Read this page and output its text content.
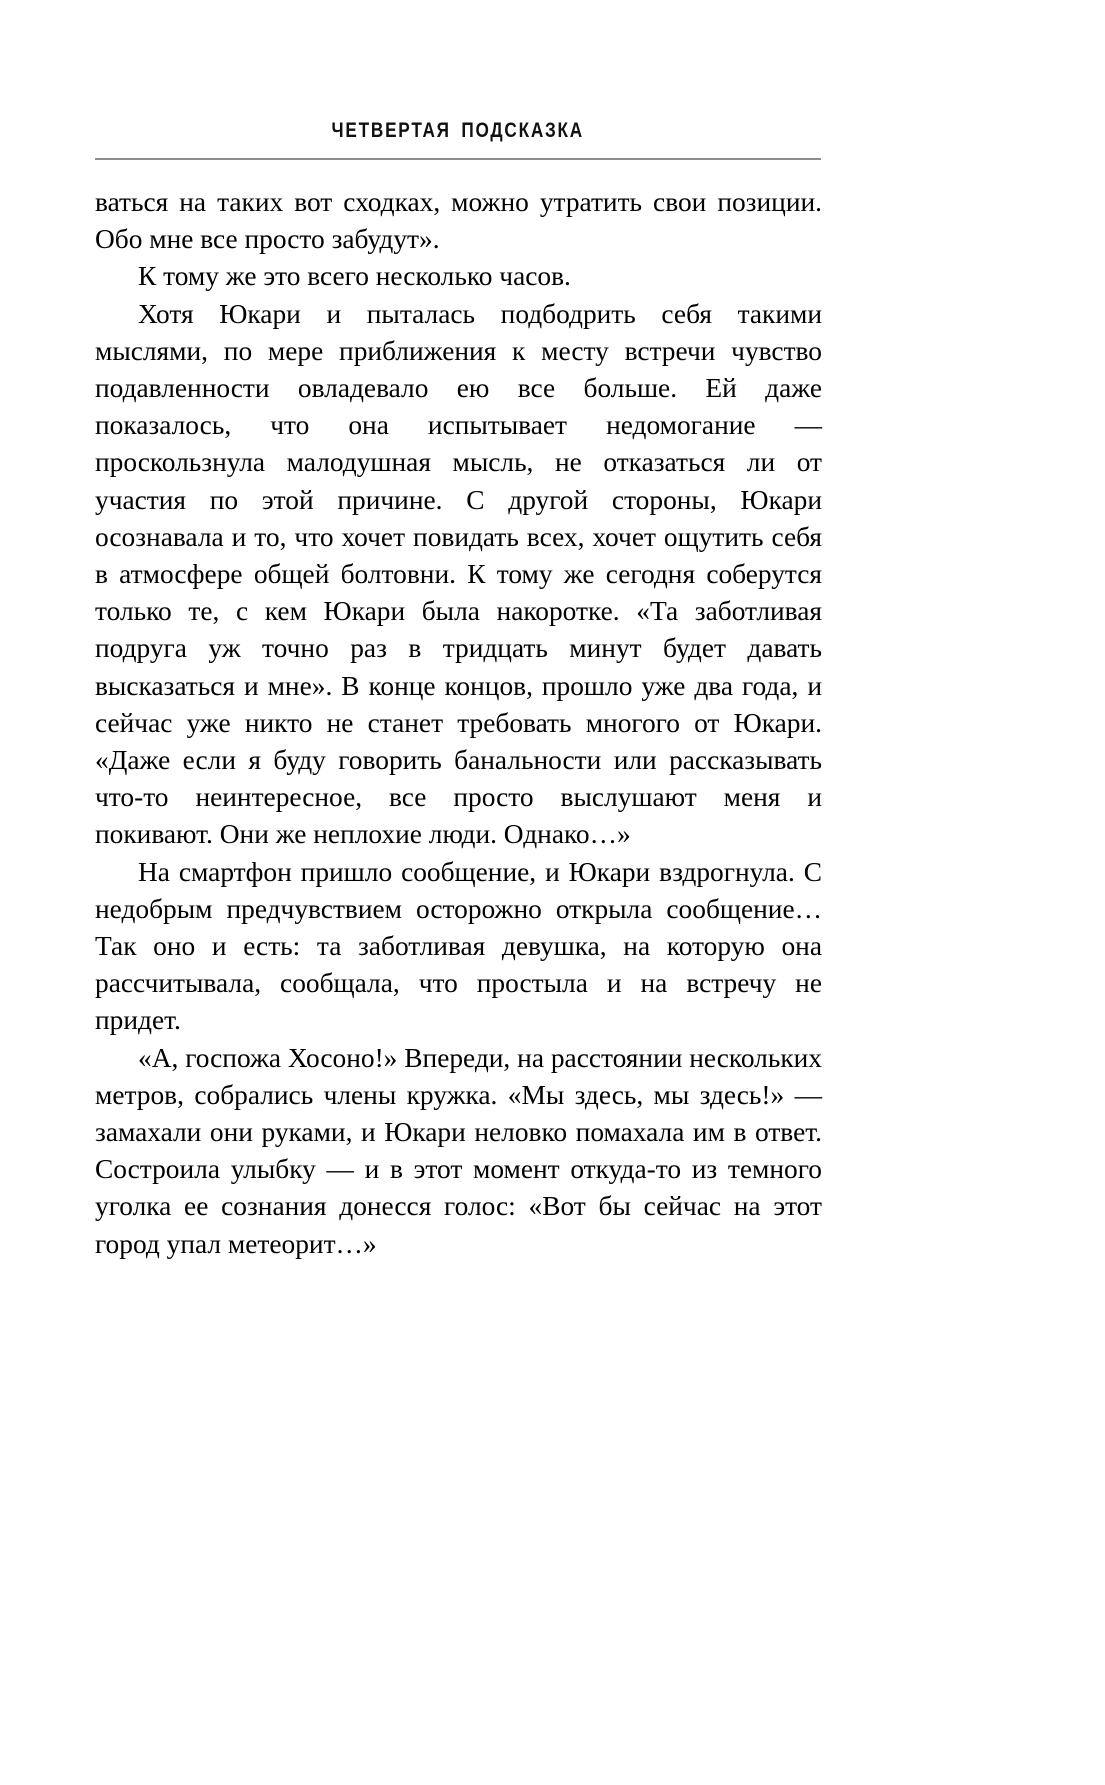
ЧЕТВЕРТАЯ ПОДСКАЗКА

ваться на таких вот сходках, можно утратить свои позиции. Обо мне все просто забудут».

К тому же это всего несколько часов.

Хотя Юкари и пыталась подбодрить себя такими мыслями, по мере приближения к месту встречи чувство подавленности овладевало ею все больше. Ей даже показалось, что она испытывает недомогание — проскользнула малодушная мысль, не отказаться ли от участия по этой причине. С другой стороны, Юкари осознавала и то, что хочет повидать всех, хочет ощутить себя в атмосфере общей болтовни. К тому же сегодня соберутся только те, с кем Юкари была накоротке. «Та заботливая подруга уж точно раз в тридцать минут будет давать высказаться и мне». В конце концов, прошло уже два года, и сейчас уже никто не станет требовать многого от Юкари. «Даже если я буду говорить банальности или рассказывать что-то неинтересное, все просто выслушают меня и покивают. Они же неплохие люди. Однако…»

На смартфон пришло сообщение, и Юкари вздрогнула. С недобрым предчувствием осторожно открыла сообщение… Так оно и есть: та заботливая девушка, на которую она рассчитывала, сообщала, что простыла и на встречу не придет.

«А, госпожа Хосоно!» Впереди, на расстоянии нескольких метров, собрались члены кружка. «Мы здесь, мы здесь!» — замахали они руками, и Юкари неловко помахала им в ответ. Состроила улыбку — и в этот момент откуда-то из темного уголка ее сознания донесся голос: «Вот бы сейчас на этот город упал метеорит…»
